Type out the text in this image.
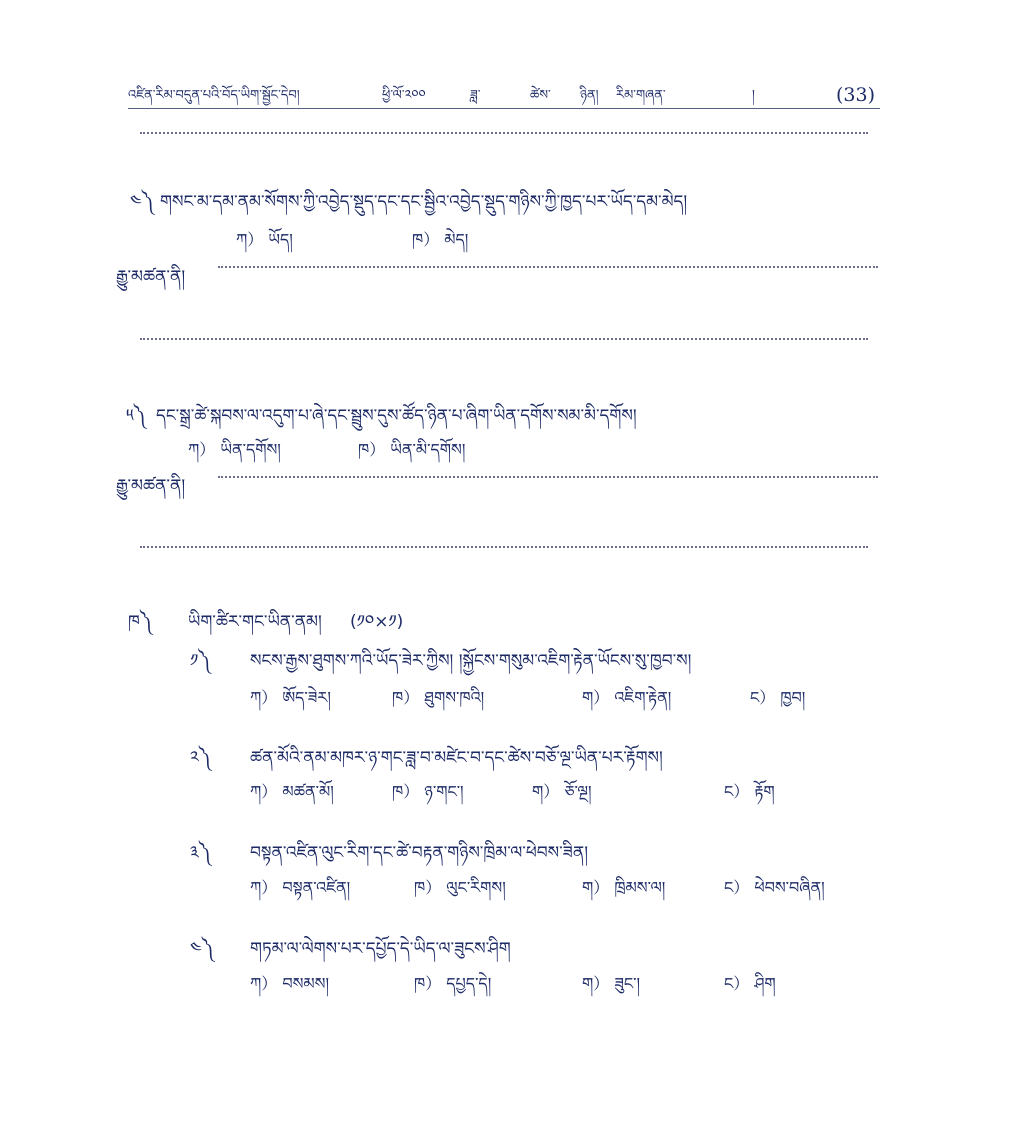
འཛིན་རིམ་བདུན་པའི་བོད་ཡིག་སྦྱོང་དེབ།	ཕྱི་ལོ་༢༠༠	ཟླ་	ཚེས་ ཉིན། རིམ་གཞན་	།	(33)
༤༽ གསང་མ་དམ་ནམ་སོགས་ཀྱི་འབྱེད་སྡུད་དང་དང་སྦྱིའ་འབྱེད་སྡུད་གཉིས་ཀྱི་ཁྱད་པར་ཡོད་དམ་མེད།
ཀ） ཡོད།	ཁ） མེད།
རྒྱུ་མཚན་ནི།
༥༽ དང་སྒྲ་ཚེ་སྐབས་ལ་འདུག་པ་ཞེ་དང་སྦྲུས་དུས་ཚོད་ཉིན་པ་ཞིག་ཡིན་དགོས་སམ་མི་དགོས།
ཀ） ཡིན་དགོས།	ཁ） ཡིན་མི་དགོས།
རྒྱུ་མཚན་ནི།
ཁ༽ ཡིག་ཚིར་གང་ཡིན་ནམ། (༡༠×༡)
༡༽ སངས་རྒྱས་ཐུགས་ཀའི་ཡོད་ཟེར་ཀྱིས། །སྐྱོངས་གསུམ་འཇིག་རྟེན་ཡོངས་སུ་ཁྱབ་ས།
ཀ） ཨོད་ཟེར།	ཁ） ཐུགས་ཁའི།	ག） འཇིག་རྟེན།	ང） ཁྱབ།
༢༽ ཚན་མོའི་ནམ་མཁར་ཉ་གང་ཟླ་བ་མཛེང་བ་དང་ཚེས་བཅོ་ལྔ་ཡིན་པར་རྟོགས།
ཀ） མཚན་མོ།	ཁ） ཉ་གང་།	ག） ཅོ་ལྔ།	ང） རྟོག
༣༽ བསྟན་འཛིན་ལུང་རིག་དང་ཚེ་བརྟན་གཉིས་ཁྲིམ་ལ་ཕེབས་ཟིན།
ཀ） བསྟན་འཛིན།	ཁ） ལུང་རིགས།	ག） ཁྲིམས་ལ།	ང） ཕེབས་བཞིན།
༤༽ གཏམ་ལ་ལེགས་པར་དཔྱོད་དེ་ཡིད་ལ་ཟུངས་ཤིག
ཀ） བསམས།	ཁ） དཔྱད་དེ།	ག） ཟུང་།	ང） ཤིག
